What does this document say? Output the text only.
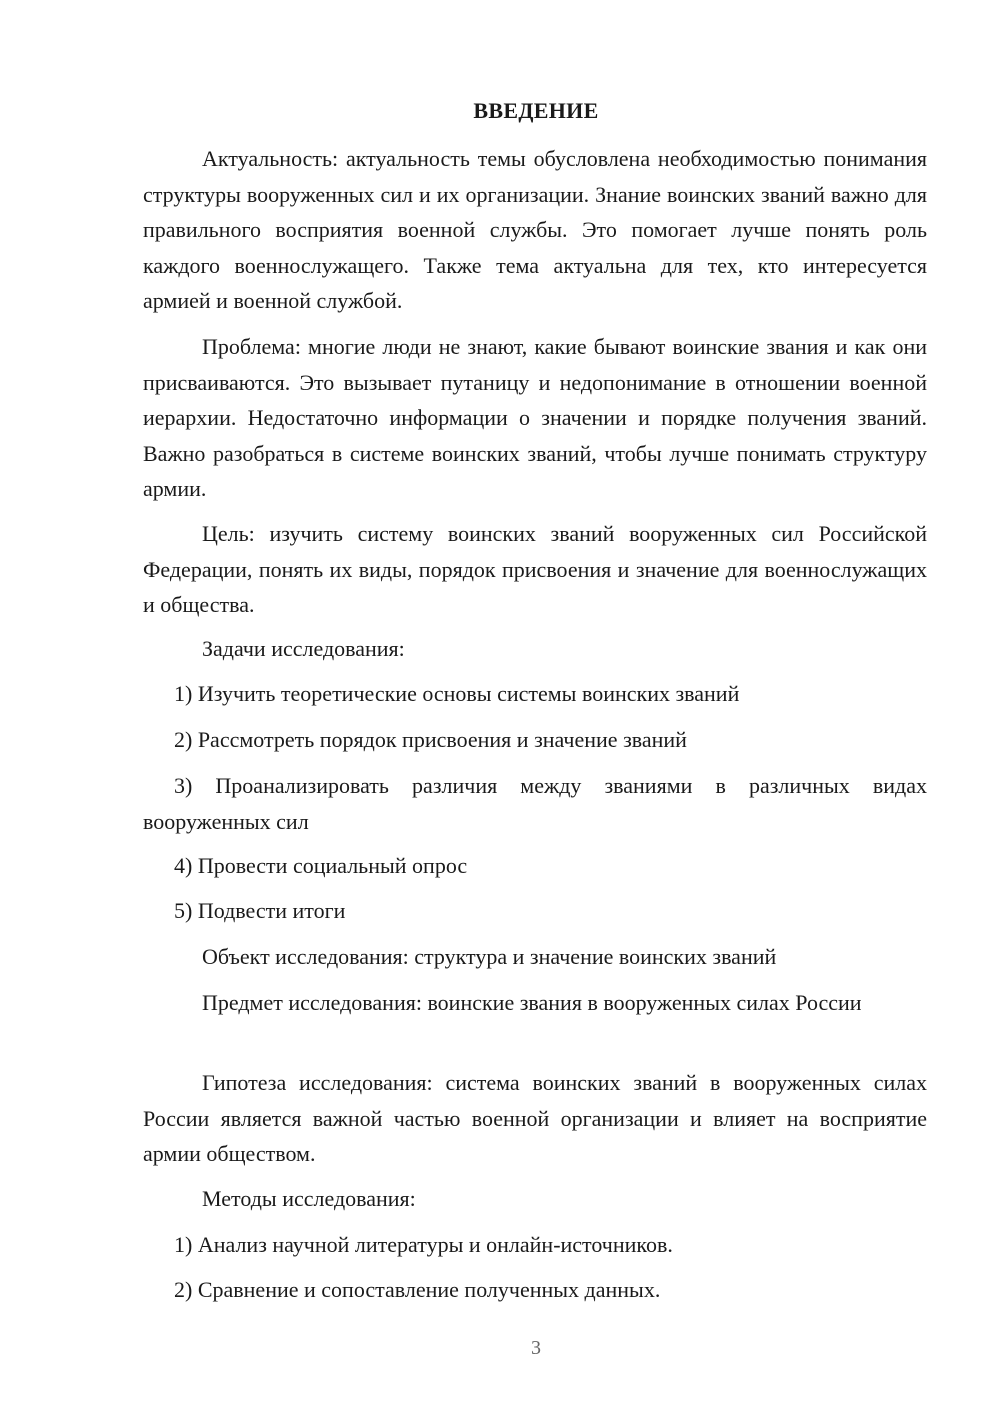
ВВЕДЕНИЕ

Актуальность: актуальность темы обусловлена необходимостью понимания структуры вооруженных сил и их организации. Знание воинских званий важно для правильного восприятия военной службы. Это помогает лучше понять роль каждого военнослужащего. Также тема актуальна для тех, кто интересуется армией и военной службой.

Проблема: многие люди не знают, какие бывают воинские звания и как они присваиваются. Это вызывает путаницу и недопонимание в отношении военной иерархии. Недостаточно информации о значении и порядке получения званий. Важно разобраться в системе воинских званий, чтобы лучше понимать структуру армии.

Цель: изучить систему воинских званий вооруженных сил Российской Федерации, понять их виды, порядок присвоения и значение для военнослужащих и общества.

Задачи исследования:

1) Изучить теоретические основы системы воинских званий

2) Рассмотреть порядок присвоения и значение званий

3) Проанализировать различия между званиями в различных видах вооруженных сил

4) Провести социальный опрос

5) Подвести итоги

Объект исследования: структура и значение воинских званий

Предмет исследования: воинские звания в вооруженных силах России

Гипотеза исследования: система воинских званий в вооруженных силах России является важной частью военной организации и влияет на восприятие армии обществом.

Методы исследования:

1) Анализ научной литературы и онлайн-источников.

2) Сравнение и сопоставление полученных данных.

3
